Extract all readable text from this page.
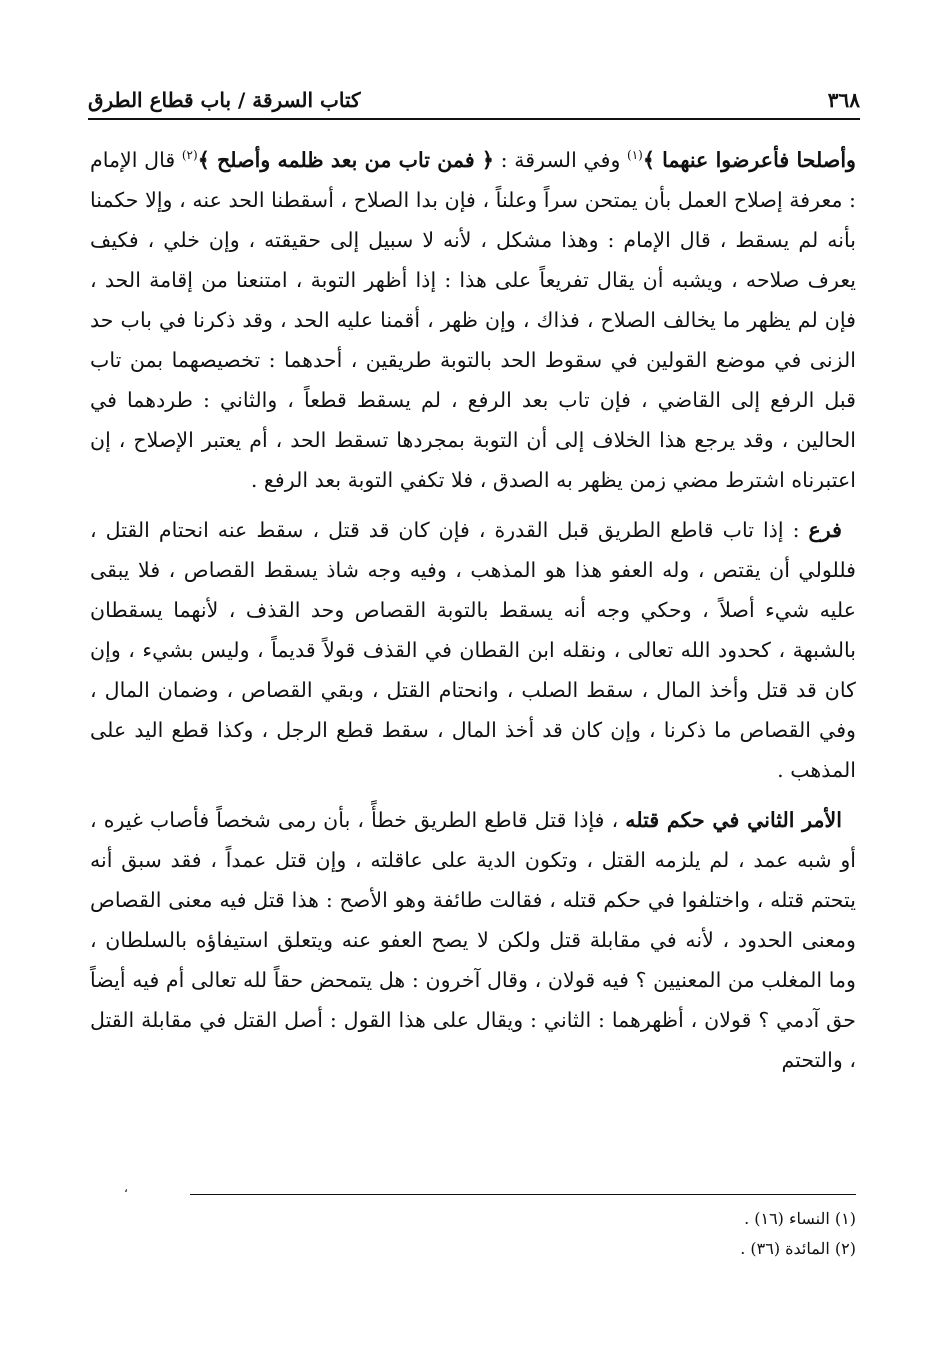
٣٦٨
كتاب السرقة / باب قطاع الطرق

وأصلحا فأعرضوا عنهما ﴾$^{(١)}$ وفي السرقة : ﴿ فمن تاب من بعد ظلمه وأصلح ﴾$^{(٢)}$ قال الإمام : معرفة إصلاح العمل بأن يمتحن سراً وعلناً ، فإن بدا الصلاح ، أسقطنا الحد عنه ، وإلا حكمنا بأنه لم يسقط ، قال الإمام : وهذا مشكل ، لأنه لا سبيل إلى حقيقته ، وإن خلي ، فكيف يعرف صلاحه ، ويشبه أن يقال تفريعاً على هذا : إذا أظهر التوبة ، امتنعنا من إقامة الحد ، فإن لم يظهر ما يخالف الصلاح ، فذاك ، وإن ظهر ، أقمنا عليه الحد ، وقد ذكرنا في باب حد الزنى في موضع القولين في سقوط الحد بالتوبة طريقين ، أحدهما : تخصيصهما بمن تاب قبل الرفع إلى القاضي ، فإن تاب بعد الرفع ، لم يسقط قطعاً ، والثاني : طردهما في الحالين ، وقد يرجع هذا الخلاف إلى أن التوبة بمجردها تسقط الحد ، أم يعتبر الإصلاح ، إن اعتبرناه اشترط مضي زمن يظهر به الصدق ، فلا تكفي التوبة بعد الرفع .

فرع : إذا تاب قاطع الطريق قبل القدرة ، فإن كان قد قتل ، سقط عنه انحتام القتل ، فللولي أن يقتص ، وله العفو هذا هو المذهب ، وفيه وجه شاذ يسقط القصاص ، فلا يبقى عليه شيء أصلاً ، وحكي وجه أنه يسقط بالتوبة القصاص وحد القذف ، لأنهما يسقطان بالشبهة ، كحدود الله تعالى ، ونقله ابن القطان في القذف قولاً قديماً ، وليس بشيء ، وإن كان قد قتل وأخذ المال ، سقط الصلب ، وانحتام القتل ، وبقي القصاص ، وضمان المال ، وفي القصاص ما ذكرنا ، وإن كان قد أخذ المال ، سقط قطع الرجل ، وكذا قطع اليد على المذهب .

الأمر الثاني في حكم قتله ، فإذا قتل قاطع الطريق خطأً ، بأن رمى شخصاً فأصاب غيره ، أو شبه عمد ، لم يلزمه القتل ، وتكون الدية على عاقلته ، وإن قتل عمداً ، فقد سبق أنه يتحتم قتله ، واختلفوا في حكم قتله ، فقالت طائفة وهو الأصح : هذا قتل فيه معنى القصاص ومعنى الحدود ، لأنه في مقابلة قتل ولكن لا يصح العفو عنه ويتعلق استيفاؤه بالسلطان ، وما المغلب من المعنيين ؟ فيه قولان ، وقال آخرون : هل يتمحض حقاً لله تعالى أم فيه أيضاً حق آدمي ؟ قولان ، أظهرهما : الثاني : ويقال على هذا القول : أصل القتل في مقابلة القتل ، والتحتم

،

(١) النساء (١٦) .

(٢) المائدة (٣٦) .
